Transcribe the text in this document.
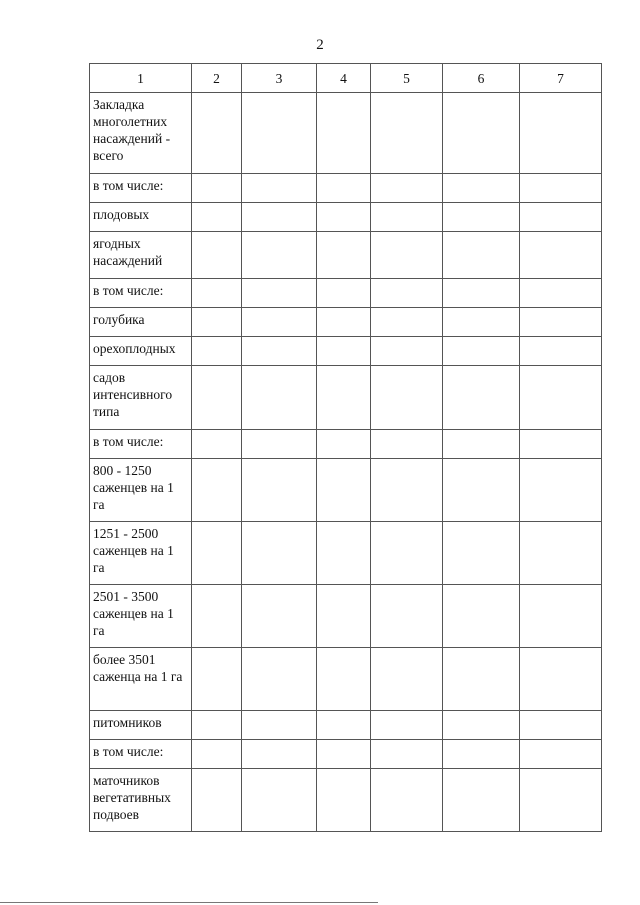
2
1	2	3	4	5	6	7
Закладка многолетних насаждений - всего						
в том числе:						
плодовых						
ягодных насаждений						
в том числе:						
голубика						
орехоплодных						
садов интенсивного типа						
в том числе:						
800 - 1250 саженцев на 1 га						
1251 - 2500 саженцев на 1 га						
2501 - 3500 саженцев на 1 га						
более 3501 саженца на 1 га						
питомников						
в том числе:						
маточников вегетативных подвоев						
